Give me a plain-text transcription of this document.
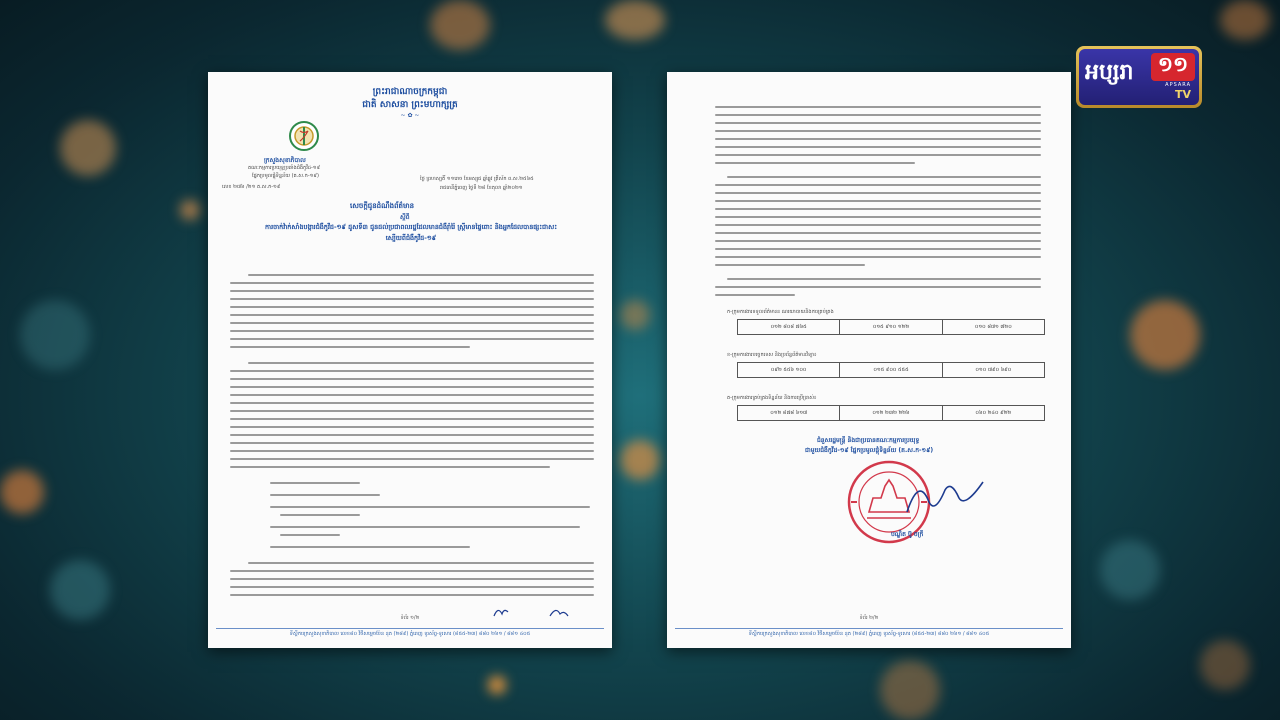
ព្រះរាជាណាចក្រកម្ពុជា
ជាតិ សាសនា ព្រះមហាក្សត្រ
~ ✿ ~
ក្រសួងសុខាភិបាល
គណៈកម្មការប្រយុទ្ធប្រឆាំងជំងឺកូវីដ-១៩
ផ្នែកប្រមូលផ្ដុំទិន្នន័យ (គ.ស.ក-១៩)
លេខ ២៧៦ /២១ គ.ស.ក-១៩
ថ្ងៃ ព្រហស្បតិ៍ ១១រោច ខែអស្សុជ ឆ្នាំឆ្លូវ ត្រីស័ក ព.ស.២៥៦៥
រាជធានីភ្នំពេញ ថ្ងៃទី ២៨ ខែតុលា ឆ្នាំ២០២១
សេចក្ដីជូនដំណឹងព័ត៌មាន
ស្ដីពី
ការចាក់វ៉ាក់សាំងបង្ការជំងឺកូវីដ-១៩ ដូសទី៣ ជូនដល់ប្រជាពលរដ្ឋដែលមានជំងឺរ៉ាំរ៉ៃ ស្ត្រីមានផ្ទៃពោះ និងអ្នកដែលបានផ្សះជាសះស្បើយពីជំងឺកូវីដ-១៩
ទំព័រ ១/២
ទីស្ដីការក្រសួងសុខាភិបាល លេខ៨០ វិថីសម្ដេចប៉ែន នុត (២៨៩) ភ្នំពេញ ទូរស័ព្ទ-ទូរសារ (៨៥៥-២៣) ៨៨០ ២៦១ / ៨៨១ ៤០៥
ក-ក្រុមការងារទទួលព័ត៌មាន៖ ណយោបាយនិងការគ្រប់គ្រង
០១២ ៨០៨ ៧៦៥	០១៥ ៩១០ ១២២	០១០ ៨៧១ ៧២០
ខ-ក្រុមការងារបច្ចេកទេស និងប្រព័ន្ធព័ត៌មានវិទ្យា៖
០៩២ ៥៥៦ ១០០	០១៥ ៩០០ ៥៥៥	០១០ ៧៩០ ៦៩០
គ-ក្រុមការងារគ្រប់គ្រងទិន្នន័យ និងការប្រើប្រាស់៖
០១២ ៨៧៨ ៦១៧	០១២ ២៣២ ២២៦	០៦០ ២៤០ ៩២២
ជំនួសរដ្ឋមន្ត្រី និងជាប្រធានគណៈកម្មការប្រយុទ្ធ
ជាមួយជំងឺកូវីដ-១៩ ផ្នែកប្រមូលផ្ដុំទិន្នន័យ (គ.ស.ក-១៩)
បណ្ឌិត ប៊ូ ចក្រី
ទំព័រ ២/២
ទីស្ដីការក្រសួងសុខាភិបាល លេខ៨០ វិថីសម្ដេចប៉ែន នុត (២៨៩) ភ្នំពេញ ទូរស័ព្ទ-ទូរសារ (៨៥៥-២៣) ៨៨០ ២៦១ / ៨៨១ ៤០៥
អប្សរា	១១
APSARA
TV
